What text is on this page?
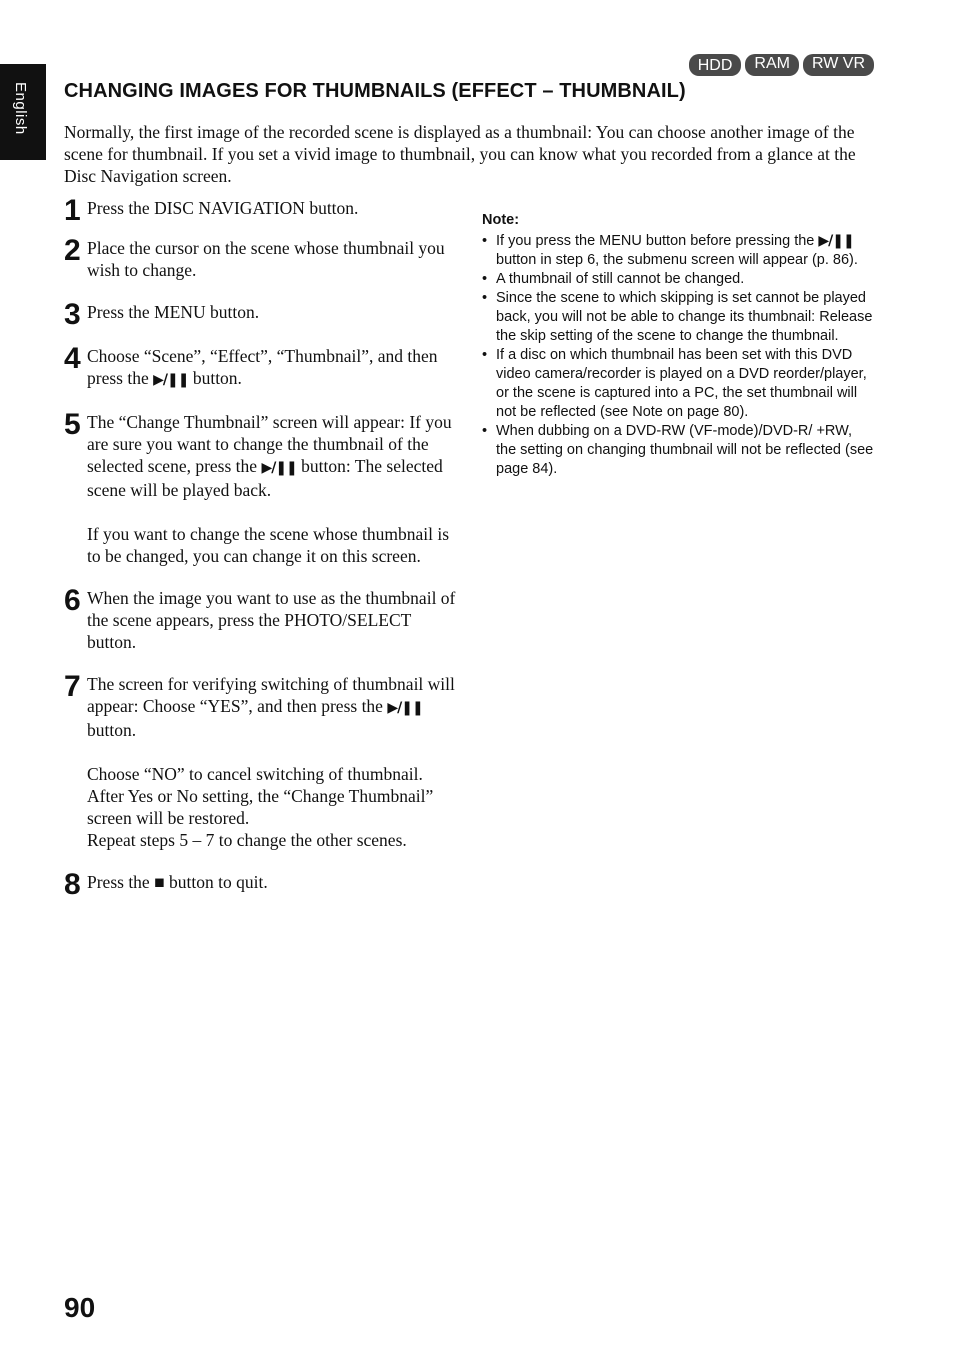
English
HDD	RAM	RW VR
CHANGING IMAGES FOR THUMBNAILS (EFFECT – THUMBNAIL)

Normally, the first image of the recorded scene is displayed as a thumbnail: You can choose another image of the scene for thumbnail. If you set a vivid image to thumbnail, you can know what you recorded from a glance at the Disc Navigation screen.

1 Press the DISC NAVIGATION button.

2 Place the cursor on the scene whose thumbnail you wish to change.

3 Press the MENU button.

4 Choose “Scene”, “Effect”, “Thumbnail”, and then press the ▶/❚❚ button.

5 The “Change Thumbnail” screen will appear: If you are sure you want to change the thumbnail of the selected scene, press the ▶/❚❚ button: The selected scene will be played back.

If you want to change the scene whose thumbnail is to be changed, you can change it on this screen.

6 When the image you want to use as the thumbnail of the scene appears, press the PHOTO/SELECT button.

7 The screen for verifying switching of thumbnail will appear: Choose “YES”, and then press the ▶/❚❚ button.

Choose “NO” to cancel switching of thumbnail.

After Yes or No setting, the “Change Thumbnail” screen will be restored.

Repeat steps 5 – 7 to change the other scenes.

8 Press the ■ button to quit.

Note:

• If you press the MENU button before pressing the ▶/❚❚ button in step 6, the submenu screen will appear (p. 86).
• A thumbnail of still cannot be changed.
• Since the scene to which skipping is set cannot be played back, you will not be able to change its thumbnail: Release the skip setting of the scene to change the thumbnail.
• If a disc on which thumbnail has been set with this DVD video camera/recorder is played on a DVD reorder/player, or the scene is captured into a PC, the set thumbnail will not be reflected (see Note on page 80).
• When dubbing on a DVD-RW (VF-mode)/DVD-R/ +RW, the setting on changing thumbnail will not be reflected (see page 84).
90
